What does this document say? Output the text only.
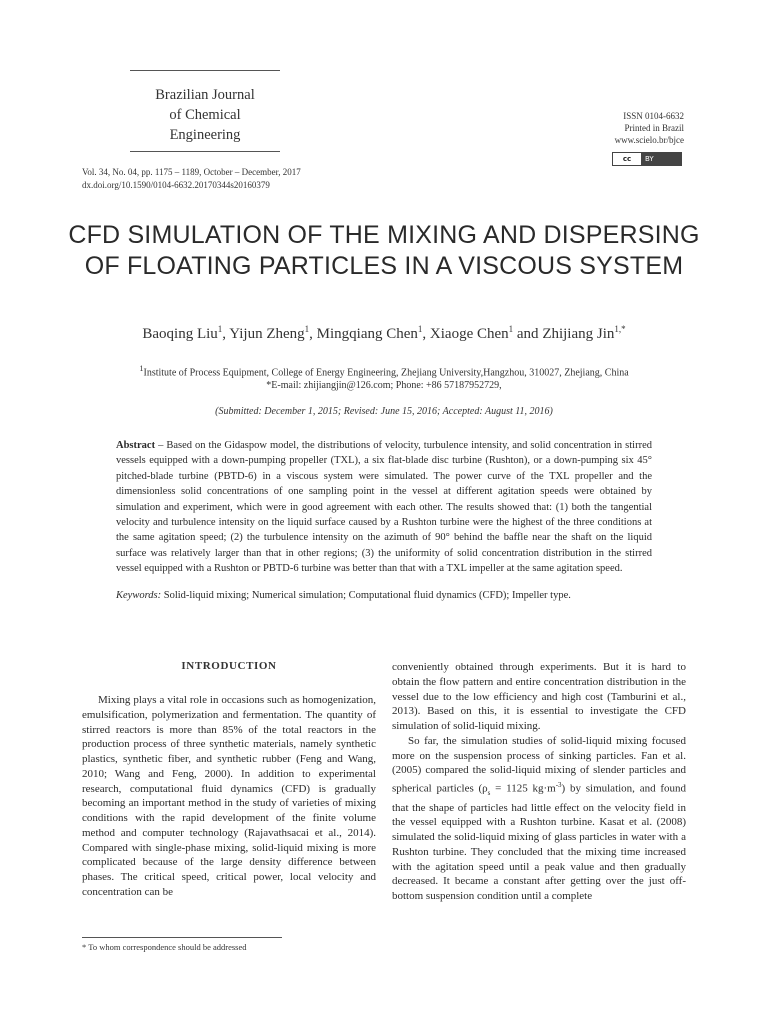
Brazilian Journal
of Chemical
Engineering
ISSN 0104-6632
Printed in Brazil
www.scielo.br/bjce
cc	BY
Vol. 34, No. 04, pp. 1175 – 1189, October – December, 2017
dx.doi.org/10.1590/0104-6632.20170344s20160379
CFD SIMULATION OF THE MIXING AND DISPERSING OF FLOATING PARTICLES IN A VISCOUS SYSTEM
Baoqing Liu$^1$, Yijun Zheng$^1$, Mingqiang Chen$^1$, Xiaoge Chen$^1$ and Zhijiang Jin$^{1,*}$
$^1$Institute of Process Equipment, College of Energy Engineering, Zhejiang University,Hangzhou, 310027, Zhejiang, China
*E-mail: zhijiangjin@126.com; Phone: +86 57187952729,
(Submitted: December 1, 2015; Revised: June 15, 2016; Accepted: August 11, 2016)
Abstract – Based on the Gidaspow model, the distributions of velocity, turbulence intensity, and solid concentration in stirred vessels equipped with a down-pumping propeller (TXL), a six flat-blade disc turbine (Rushton), or a down-pumping six 45° pitched-blade turbine (PBTD-6) in a viscous system were simulated. The power curve of the TXL propeller and the dimensionless solid concentrations of one sampling point in the vessel at different agitation speeds were obtained by simulation and experiment, which were in good agreement with each other. The results showed that: (1) both the tangential velocity and turbulence intensity on the liquid surface caused by a Rushton turbine were the highest of the three conditions at the same agitation speed; (2) the turbulence intensity on the azimuth of 90° behind the baffle near the shaft on the liquid surface was relatively larger than that in other regions; (3) the uniformity of solid concentration distribution in the stirred vessel equipped with a Rushton or PBTD-6 turbine was better than that with a TXL impeller at the same agitation speed.
Keywords: Solid-liquid mixing; Numerical simulation; Computational fluid dynamics (CFD); Impeller type.
INTRODUCTION

Mixing plays a vital role in occasions such as homogenization, emulsification, polymerization and fermentation. The quantity of stirred reactors is more than 85% of the total reactors in the production process of three synthetic materials, namely synthetic plastics, synthetic fiber, and synthetic rubber (Feng and Wang, 2010; Wang and Feng, 2000). In addition to experimental research, computational fluid dynamics (CFD) is gradually becoming an important method in the study of varieties of mixing conditions with the rapid development of the finite volume method and computer technology (Rajavathsacai et al., 2014). Compared with single-phase mixing, solid-liquid mixing is more complicated because of the large density difference between phases. The critical speed, critical power, local velocity and concentration can be

conveniently obtained through experiments. But it is hard to obtain the flow pattern and entire concentration distribution in the vessel due to the low efficiency and high cost (Tamburini et al., 2013). Based on this, it is essential to investigate the CFD simulation of solid-liquid mixing.

So far, the simulation studies of solid-liquid mixing focused more on the suspension process of sinking particles. Fan et al.(2005) compared the solid-liquid mixing of slender particles and spherical particles ($\rho_s = 1125$ $kg\cdot m^{-3}$) by simulation, and found that the shape of particles had little effect on the velocity field in the vessel equipped with a Rushton turbine. Kasat et al. (2008) simulated the solid-liquid mixing of glass particles in water with a Rushton turbine. They concluded that the mixing time increased with the agitation speed until a peak value and then gradually decreased. It became a constant after getting over the just off-bottom suspension condition until a complete

* To whom correspondence should be addressed
